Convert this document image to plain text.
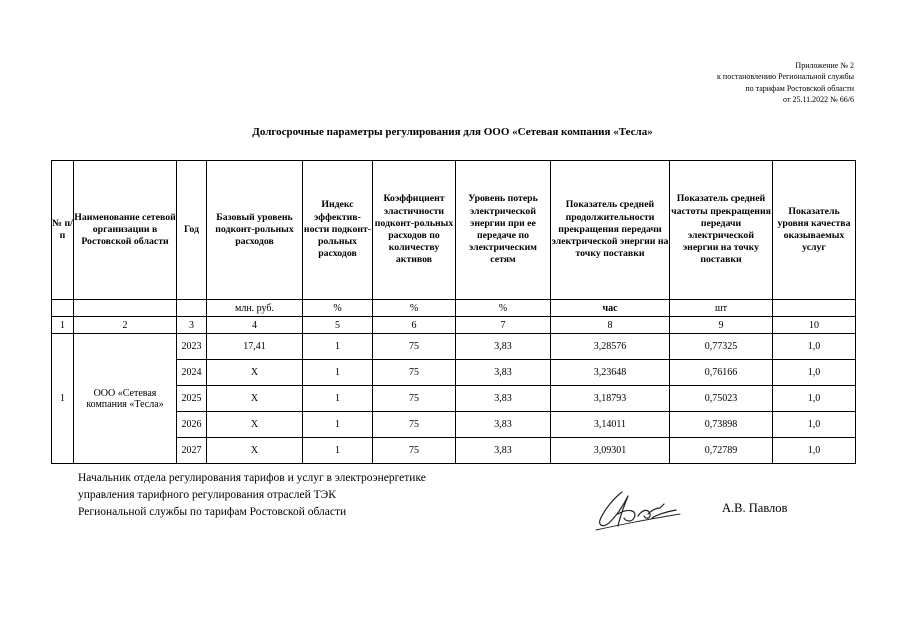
Приложение № 2
к постановлению Региональной службы
по тарифам Ростовской области
от 25.11.2022 № 66/6
Долгосрочные параметры регулирования для ООО «Сетевая компания «Тесла»
№ п/п	Наименование сетевой организации в Ростовской области	Год	Базовый уровень подконт-рольных расходов	Индекс эффектив-ности подконт-рольных расходов	Коэффициент эластичности подконт-рольных расходов по количеству активов	Уровень потерь электрической энергии при ее передаче по электрическим сетям	Показатель средней продолжительности прекращения передачи электрической энергии на точку поставки	Показатель средней частоты прекращения передачи электрической энергии на точку поставки	Показатель уровня качества оказываемых услуг
			млн. руб.	%	%	%	час	шт	
1	2	3	4	5	6	7	8	9	10
1	ООО «Сетевая компания «Тесла»	2023	17,41	1	75	3,83	3,28576	0,77325	1,0
		2024	Х	1	75	3,83	3,23648	0,76166	1,0
		2025	Х	1	75	3,83	3,18793	0,75023	1,0
		2026	Х	1	75	3,83	3,14011	0,73898	1,0
		2027	Х	1	75	3,83	3,09301	0,72789	1,0
Начальник отдела регулирования тарифов и услуг в электроэнергетике
управления тарифного регулирования отраслей ТЭК
Региональной службы по тарифам Ростовской области	А.В. Павлов
